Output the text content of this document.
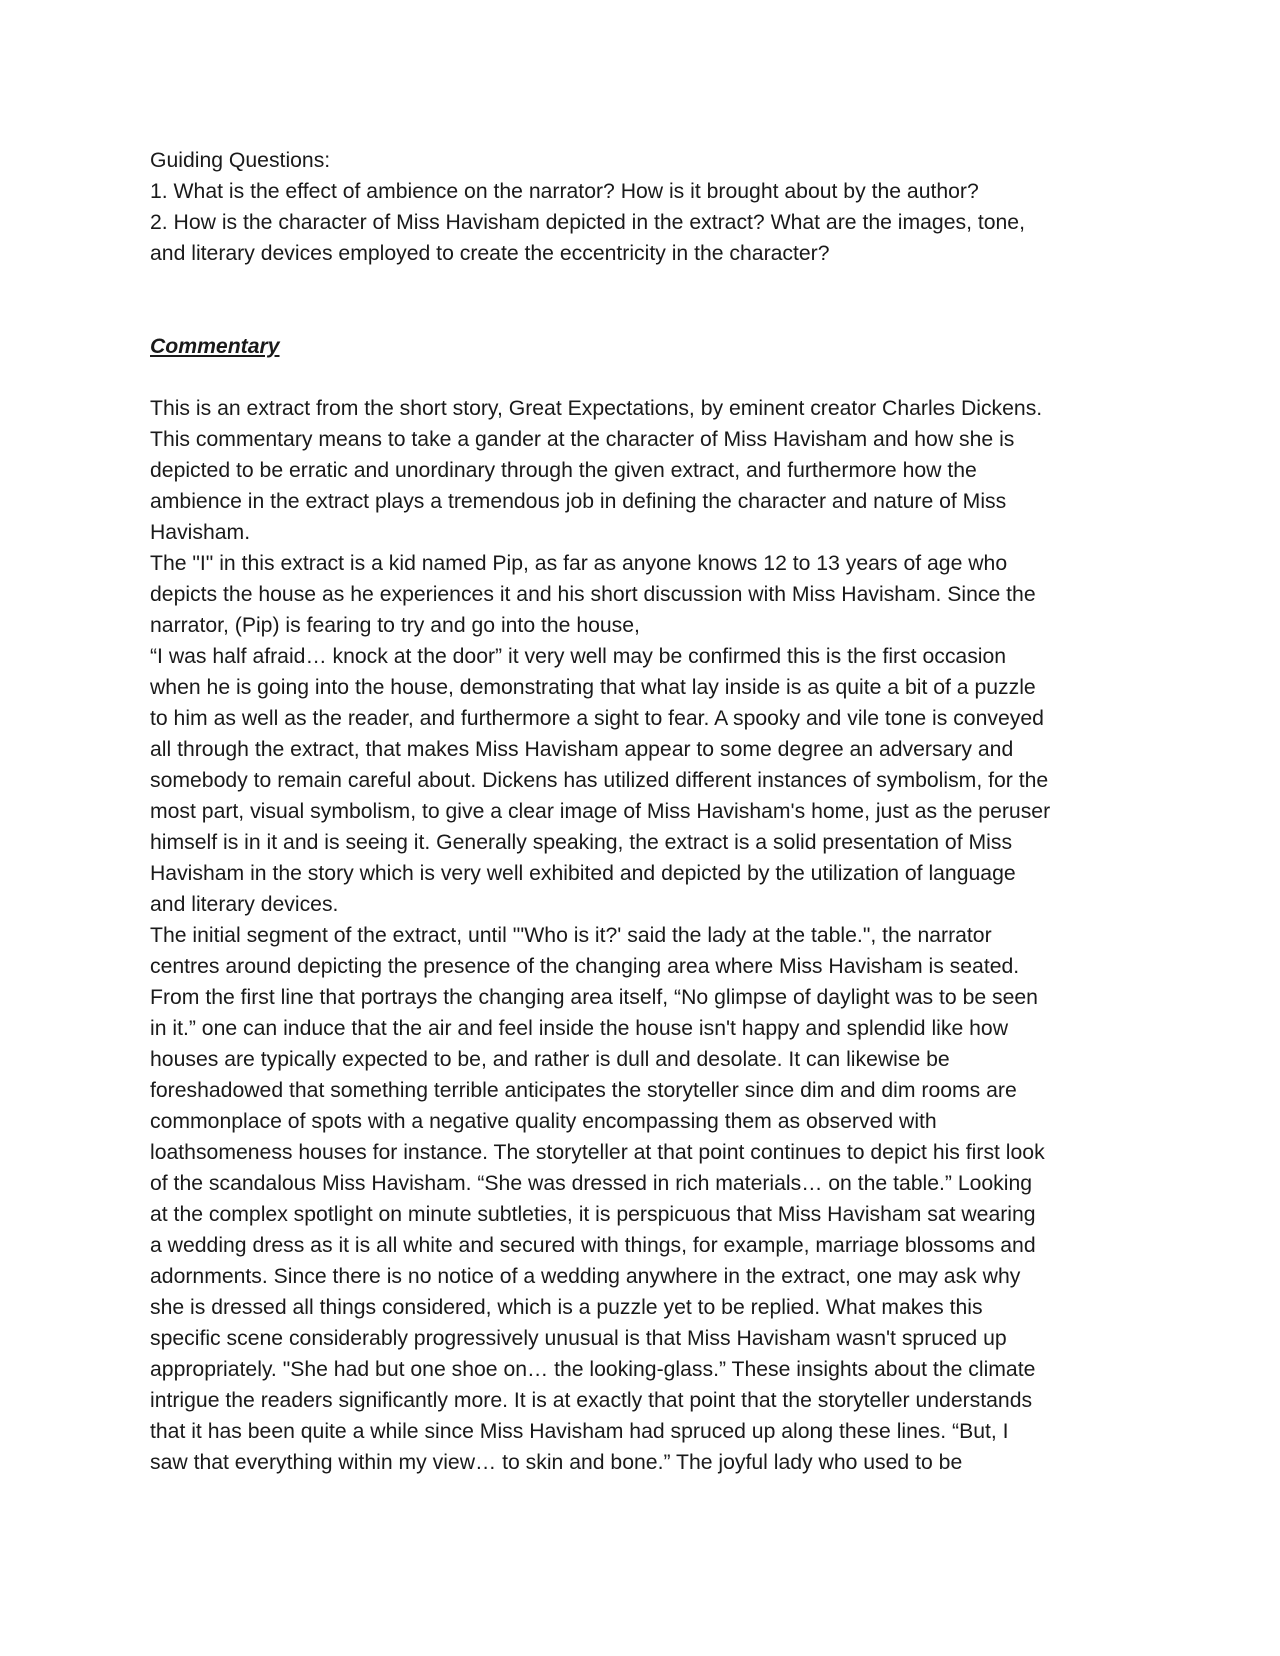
Guiding Questions:
1. What is the effect of ambience on the narrator? How is it brought about by the author?
2. How is the character of Miss Havisham depicted in the extract? What are the images, tone,
and literary devices employed to create the eccentricity in the character?
Commentary
This is an extract from the short story, Great Expectations, by eminent creator Charles Dickens.
This commentary means to take a gander at the character of Miss Havisham and how she is
depicted to be erratic and unordinary through the given extract, and furthermore how the
ambience in the extract plays a tremendous job in defining the character and nature of Miss
Havisham.
The "I" in this extract is a kid named Pip, as far as anyone knows 12 to 13 years of age who
depicts the house as he experiences it and his short discussion with Miss Havisham. Since the
narrator, (Pip) is fearing to try and go into the house,
“I was half afraid… knock at the door” it very well may be confirmed this is the first occasion
when he is going into the house, demonstrating that what lay inside is as quite a bit of a puzzle
to him as well as the reader, and furthermore a sight to fear. A spooky and vile tone is conveyed
all through the extract, that makes Miss Havisham appear to some degree an adversary and
somebody to remain careful about. Dickens has utilized different instances of symbolism, for the
most part, visual symbolism, to give a clear image of Miss Havisham's home, just as the peruser
himself is in it and is seeing it. Generally speaking, the extract is a solid presentation of Miss
Havisham in the story which is very well exhibited and depicted by the utilization of language
and literary devices.
The initial segment of the extract, until "'Who is it?' said the lady at the table.", the narrator
centres around depicting the presence of the changing area where Miss Havisham is seated.
From the first line that portrays the changing area itself, “No glimpse of daylight was to be seen
in it.” one can induce that the air and feel inside the house isn't happy and splendid like how
houses are typically expected to be, and rather is dull and desolate. It can likewise be
foreshadowed that something terrible anticipates the storyteller since dim and dim rooms are
commonplace of spots with a negative quality encompassing them as observed with
loathsomeness houses for instance. The storyteller at that point continues to depict his first look
of the scandalous Miss Havisham. “She was dressed in rich materials… on the table.” Looking
at the complex spotlight on minute subtleties, it is perspicuous that Miss Havisham sat wearing
a wedding dress as it is all white and secured with things, for example, marriage blossoms and
adornments. Since there is no notice of a wedding anywhere in the extract, one may ask why
she is dressed all things considered, which is a puzzle yet to be replied. What makes this
specific scene considerably progressively unusual is that Miss Havisham wasn't spruced up
appropriately. "She had but one shoe on… the looking-glass.” These insights about the climate
intrigue the readers significantly more. It is at exactly that point that the storyteller understands
that it has been quite a while since Miss Havisham had spruced up along these lines. “But, I
saw that everything within my view… to skin and bone.” The joyful lady who used to be
